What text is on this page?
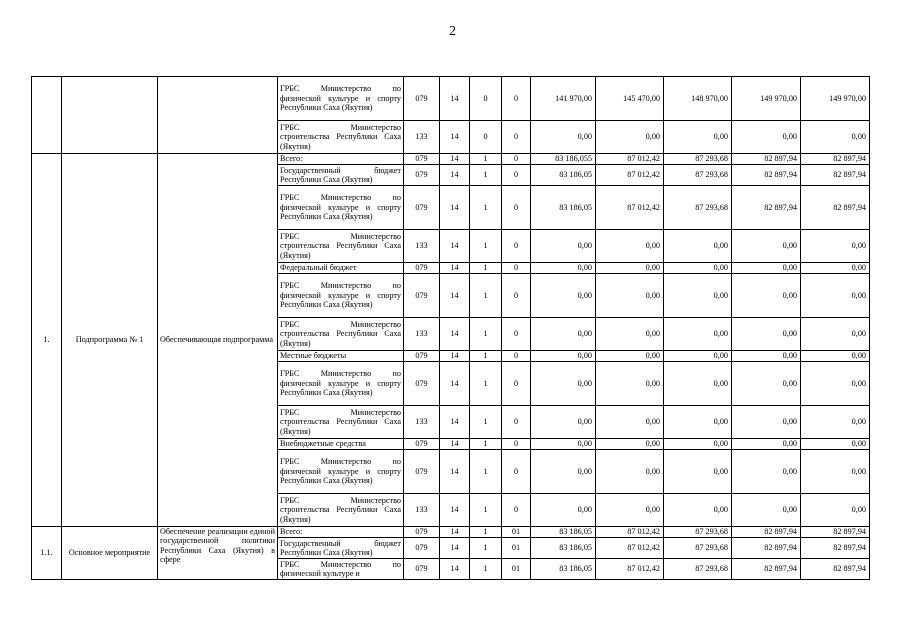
2
			ГРБС Министерство по физической культуре и спорту Республики Саха (Якутия)	079	14	0	0	141 970,00	145 470,00	148 970,00	149 970,00	149 970,00
			ГРБС Министерство строительства Республики Саха (Якутия)	133	14	0	0	0,00	0,00	0,00	0,00	0,00
1.	Подпрограмма № 1	Обеспечивающая подпрограмма	Всего:	079	14	1	0	83 186,055	87 012,42	87 293,68	82 897,94	82 897,94
			Государственный бюджет Республики Саха (Якутия)	079	14	1	0	83 186,05	87 012,42	87 293,68	82 897,94	82 897,94
			ГРБС Министерство по физической культуре и спорту Республики Саха (Якутия)	079	14	1	0	83 186,05	87 012,42	87 293,68	82 897,94	82 897,94
			ГРБС Министерство строительства Республики Саха (Якутия)	133	14	1	0	0,00	0,00	0,00	0,00	0,00
			Федеральный бюджет	079	14	1	0	0,00	0,00	0,00	0,00	0,00
			ГРБС Министерство по физической культуре и спорту Республики Саха (Якутия)	079	14	1	0	0,00	0,00	0,00	0,00	0,00
			ГРБС Министерство строительства Республики Саха (Якутия)	133	14	1	0	0,00	0,00	0,00	0,00	0,00
			Местные бюджеты	079	14	1	0	0,00	0,00	0,00	0,00	0,00
			ГРБС Министерство по физической культуре и спорту Республики Саха (Якутия)	079	14	1	0	0,00	0,00	0,00	0,00	0,00
			ГРБС Министерство строительства Республики Саха (Якутия)	133	14	1	0	0,00	0,00	0,00	0,00	0,00
			Внебюджетные средства	079	14	1	0	0,00	0,00	0,00	0,00	0,00
			ГРБС Министерство по физической культуре и спорту Республики Саха (Якутия)	079	14	1	0	0,00	0,00	0,00	0,00	0,00
			ГРБС Министерство строительства Республики Саха (Якутия)	133	14	1	0	0,00	0,00	0,00	0,00	0,00
1.1.	Основное мероприятие	Обеспечение реализации единой государственной политики Республики Саха (Якутия) в сфере	Всего:	079	14	1	01	83 186,05	87 012,42	87 293,68	82 897,94	82 897,94
			Государственный бюджет Республики Саха (Якутия)	079	14	1	01	83 186,05	87 012,42	87 293,68	82 897,94	82 897,94
			ГРБС Министерство по физической культуре и	079	14	1	01	83 186,05	87 012,42	87 293,68	82 897,94	82 897,94
